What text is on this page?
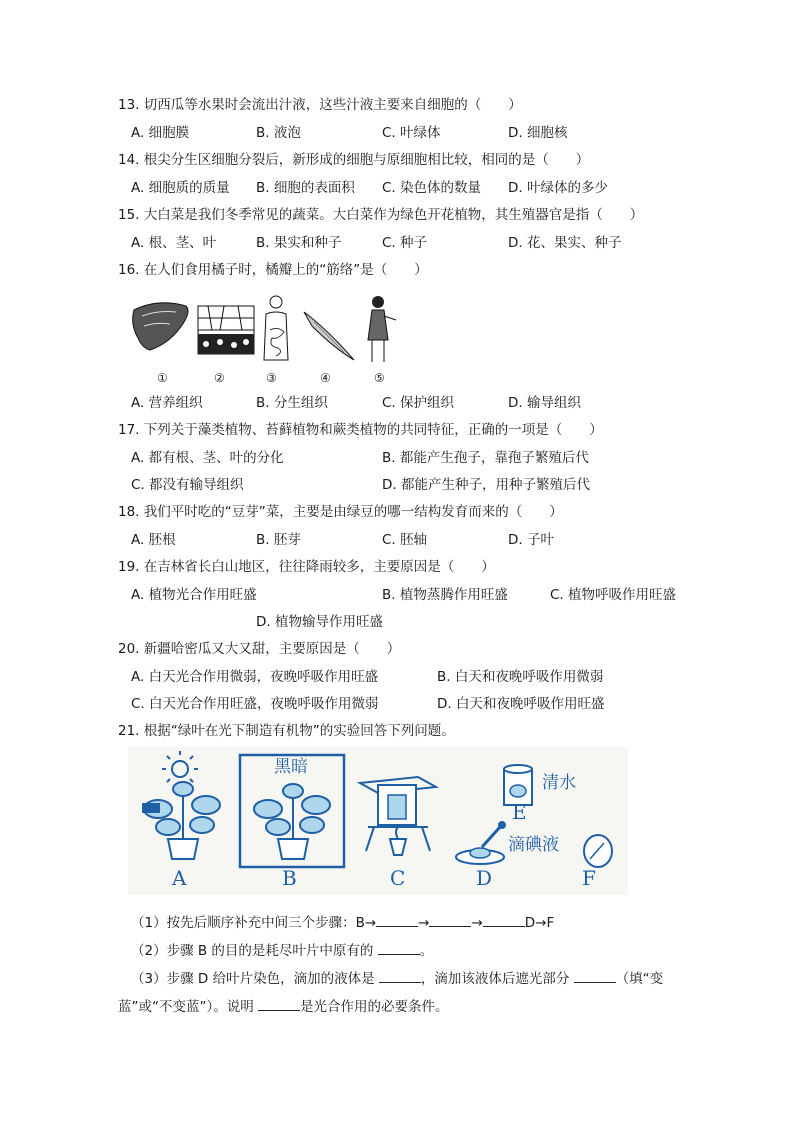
13. 切西瓜等水果时会流出汁液，这些汁液主要来自细胞的（　　）
A. 细胞膜	B. 液泡	C. 叶绿体	D. 细胞核
14. 根尖分生区细胞分裂后，新形成的细胞与原细胞相比较，相同的是（　　）
A. 细胞质的质量 B. 细胞的表面积 C. 染色体的数量 D. 叶绿体的多少
15. 大白菜是我们冬季常见的蔬菜。大白菜作为绿色开花植物，其生殖器官是指（　　）
A. 根、茎、叶	B. 果实和种子	C. 种子	D. 花、果实、种子
16. 在人们食用橘子时，橘瓣上的“筋络”是（　　）
①	②	③	④	⑤
A. 营养组织	B. 分生组织	C. 保护组织	D. 输导组织
17. 下列关于藻类植物、苔藓植物和蕨类植物的共同特征，正确的一项是（　　）
A. 都有根、茎、叶的分化	B. 都能产生孢子，靠孢子繁殖后代
C. 都没有输导组织	D. 都能产生种子，用种子繁殖后代
18. 我们平时吃的“豆芽”菜，主要是由绿豆的哪一结构发育而来的（　　）
A. 胚根	B. 胚芽	C. 胚轴	D. 子叶
19. 在吉林省长白山地区，往往降雨较多，主要原因是（　　）
A. 植物光合作用旺盛	B. 植物蒸腾作用旺盛	C. 植物呼吸作用旺盛
D. 植物输导作用旺盛
20. 新疆哈密瓜又大又甜，主要原因是（　　）
A. 白天光合作用微弱，夜晚呼吸作用旺盛	B. 白天和夜晚呼吸作用微弱
C. 白天光合作用旺盛，夜晚呼吸作用微弱	D. 白天和夜晚呼吸作用旺盛
21. 根据“绿叶在光下制造有机物”的实验回答下列问题。
黑暗
清水
滴碘液
A	B	C	D
E
F
（1）按先后顺序补充中间三个步骤：B→	→	→	D→F
（2）步骤 B 的目的是耗尽叶片中原有的	。
（3）步骤 D 给叶片染色，滴加的液体是	，滴加该液体后遮光部分	（填“变
蓝”或“不变蓝”）。说明	是光合作用的必要条件。
